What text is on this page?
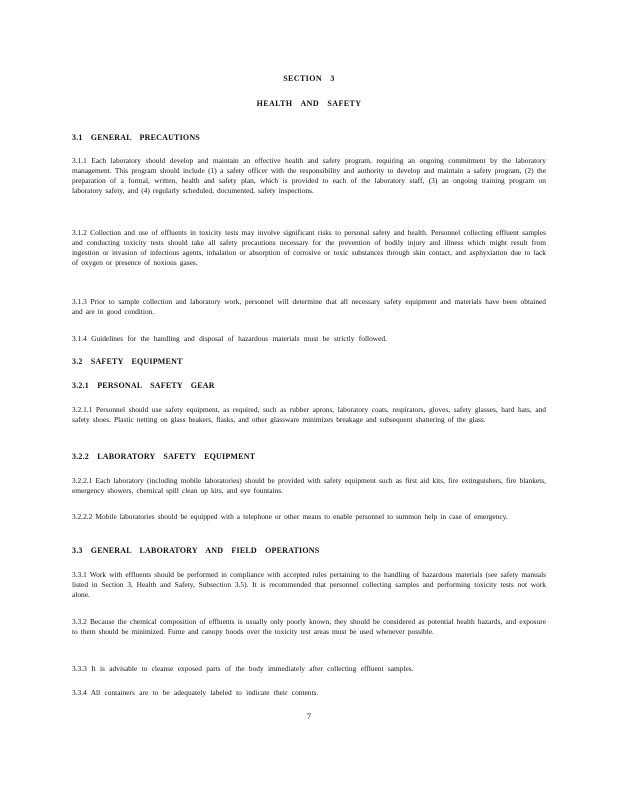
SECTION 3
HEALTH AND SAFETY
3.1 GENERAL PRECAUTIONS
3.1.1 Each laboratory should develop and maintain an effective health and safety program, requiring an ongoing commitment by the laboratory management. This program should include (1) a safety officer with the responsibility and authority to develop and maintain a safety program, (2) the preparation of a formal, written, health and safety plan, which is provided to each of the laboratory staff, (3) an ongoing training program on laboratory safety, and (4) regularly scheduled, documented, safety inspections.
3.1.2 Collection and use of effluents in toxicity tests may involve significant risks to personal safety and health. Personnel collecting effluent samples and conducting toxicity tests should take all safety precautions necessary for the prevention of bodily injury and illness which might result from ingestion or invasion of infectious agents, inhalation or absorption of corrosive or toxic substances through skin contact, and asphyxiation due to lack of oxygen or presence of noxious gases.
3.1.3 Prior to sample collection and laboratory work, personnel will determine that all necessary safety equipment and materials have been obtained and are in good condition.
3.1.4 Guidelines for the handling and disposal of hazardous materials must be strictly followed.
3.2 SAFETY EQUIPMENT
3.2.1 PERSONAL SAFETY GEAR
3.2.1.1 Personnel should use safety equipment, as required, such as rubber aprons, laboratory coats, respirators, gloves, safety glasses, hard hats, and safety shoes. Plastic netting on glass beakers, flasks, and other glassware minimizes breakage and subsequent shattering of the glass.
3.2.2 LABORATORY SAFETY EQUIPMENT
3.2.2.1 Each laboratory (including mobile laboratories) should be provided with safety equipment such as first aid kits, fire extinguishers, fire blankets, emergency showers, chemical spill clean up kits, and eye fountains.
3.2.2.2 Mobile laboratories should be equipped with a telephone or other means to enable personnel to summon help in case of emergency.
3.3 GENERAL LABORATORY AND FIELD OPERATIONS
3.3.1 Work with effluents should be performed in compliance with accepted rules pertaining to the handling of hazardous materials (see safety manuals listed in Section 3, Health and Safety, Subsection 3.5). It is recommended that personnel collecting samples and performing toxicity tests not work alone.
3.3.2 Because the chemical composition of effluents is usually only poorly known, they should be considered as potential health hazards, and exposure to them should be minimized. Fume and canopy hoods over the toxicity test areas must be used whenever possible.
3.3.3 It is advisable to cleanse exposed parts of the body immediately after collecting effluent samples.
3.3.4 All containers are to be adequately labeled to indicate their contents.
7
